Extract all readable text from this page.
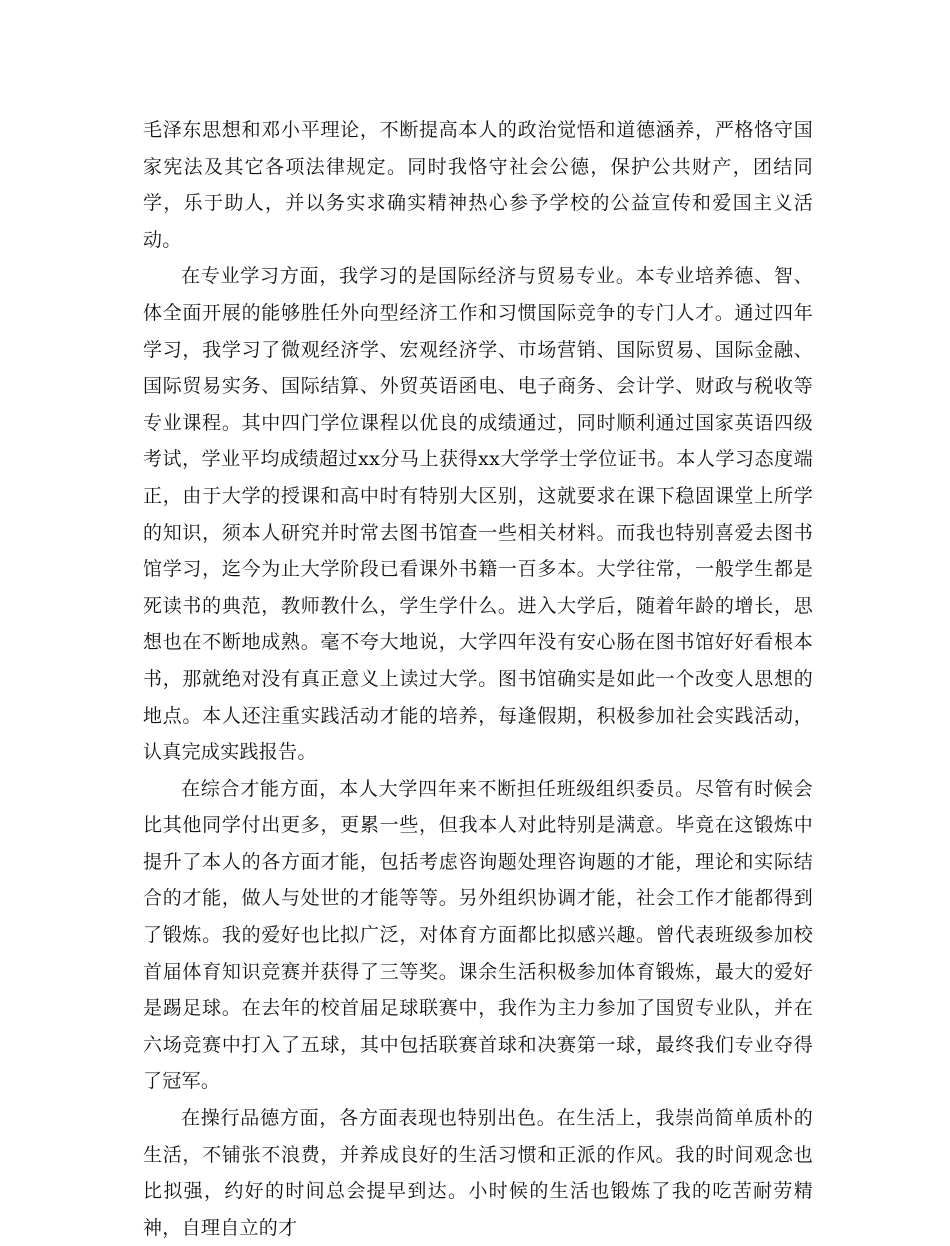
毛泽东思想和邓小平理论，不断提高本人的政治觉悟和道德涵养，严格恪守国家宪法及其它各项法律规定。同时我恪守社会公德，保护公共财产，团结同学，乐于助人，并以务实求确实精神热心参予学校的公益宣传和爱国主义活动。

在专业学习方面，我学习的是国际经济与贸易专业。本专业培养德、智、体全面开展的能够胜任外向型经济工作和习惯国际竞争的专门人才。通过四年学习，我学习了微观经济学、宏观经济学、市场营销、国际贸易、国际金融、国际贸易实务、国际结算、外贸英语函电、电子商务、会计学、财政与税收等专业课程。其中四门学位课程以优良的成绩通过，同时顺利通过国家英语四级考试，学业平均成绩超过xx分马上获得xx大学学士学位证书。本人学习态度端正，由于大学的授课和高中时有特别大区别，这就要求在课下稳固课堂上所学的知识，须本人研究并时常去图书馆查一些相关材料。而我也特别喜爱去图书馆学习，迄今为止大学阶段已看课外书籍一百多本。大学往常，一般学生都是死读书的典范，教师教什么，学生学什么。进入大学后，随着年龄的增长，思想也在不断地成熟。毫不夸大地说，大学四年没有安心肠在图书馆好好看根本书，那就绝对没有真正意义上读过大学。图书馆确实是如此一个改变人思想的地点。本人还注重实践活动才能的培养，每逢假期，积极参加社会实践活动，认真完成实践报告。

在综合才能方面，本人大学四年来不断担任班级组织委员。尽管有时候会比其他同学付出更多，更累一些，但我本人对此特别是满意。毕竟在这锻炼中提升了本人的各方面才能，包括考虑咨询题处理咨询题的才能，理论和实际结合的才能，做人与处世的才能等等。另外组织协调才能，社会工作才能都得到了锻炼。我的爱好也比拟广泛，对体育方面都比拟感兴趣。曾代表班级参加校首届体育知识竞赛并获得了三等奖。课余生活积极参加体育锻炼，最大的爱好是踢足球。在去年的校首届足球联赛中，我作为主力参加了国贸专业队，并在六场竞赛中打入了五球，其中包括联赛首球和决赛第一球，最终我们专业夺得了冠军。

在操行品德方面，各方面表现也特别出色。在生活上，我崇尚简单质朴的生活，不铺张不浪费，并养成良好的生活习惯和正派的作风。我的时间观念也比拟强，约好的时间总会提早到达。小时候的生活也锻炼了我的吃苦耐劳精神，自理自立的才
